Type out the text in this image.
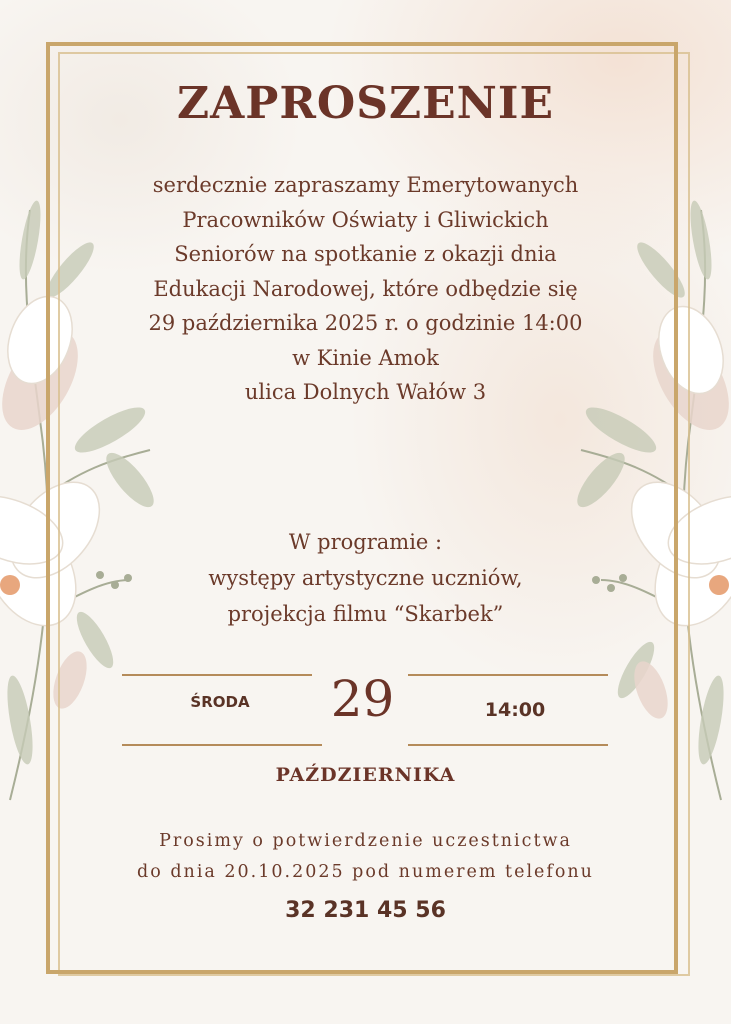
ZAPROSZENIE
serdecznie zapraszamy Emerytowanych
Pracowników Oświaty i Gliwickich
Seniorów na spotkanie z okazji dnia
Edukacji Narodowej, które odbędzie się
29 października 2025 r. o godzinie 14:00
w Kinie Amok
ulica Dolnych Wałów 3
W programie :
występy artystyczne uczniów,
projekcja filmu “Skarbek”
ŚRODA	29	14:00
PAŹDZIERNIKA
Prosimy o potwierdzenie uczestnictwa
do dnia 20.10.2025 pod numerem telefonu
32 231 45 56
